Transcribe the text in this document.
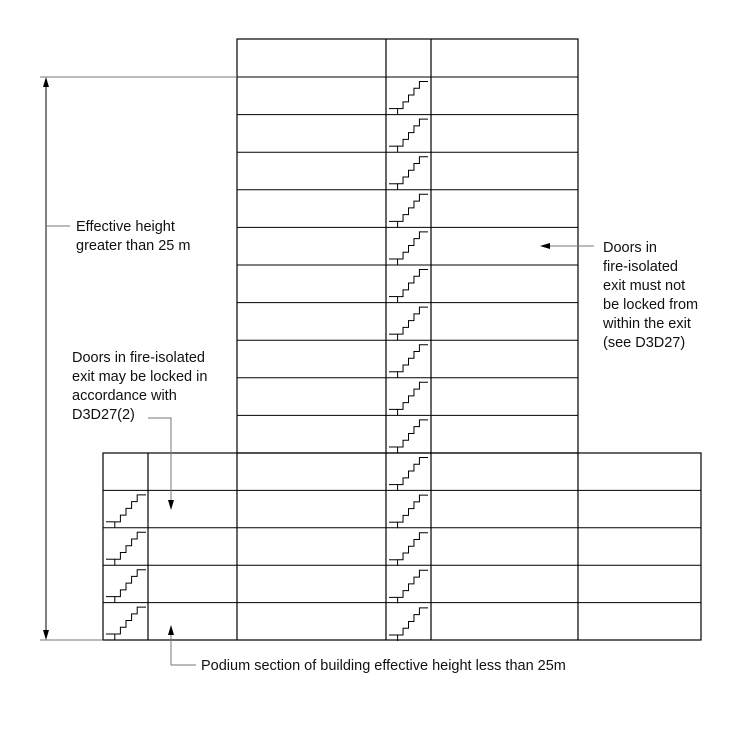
Effective height greater than 25 m	Doors in fire-isolated exit must not be locked from within the exit (see D3D27)
Doors in fire-isolated exit may be locked in accordance with D3D27(2)
Podium section of building effective height less than 25m
